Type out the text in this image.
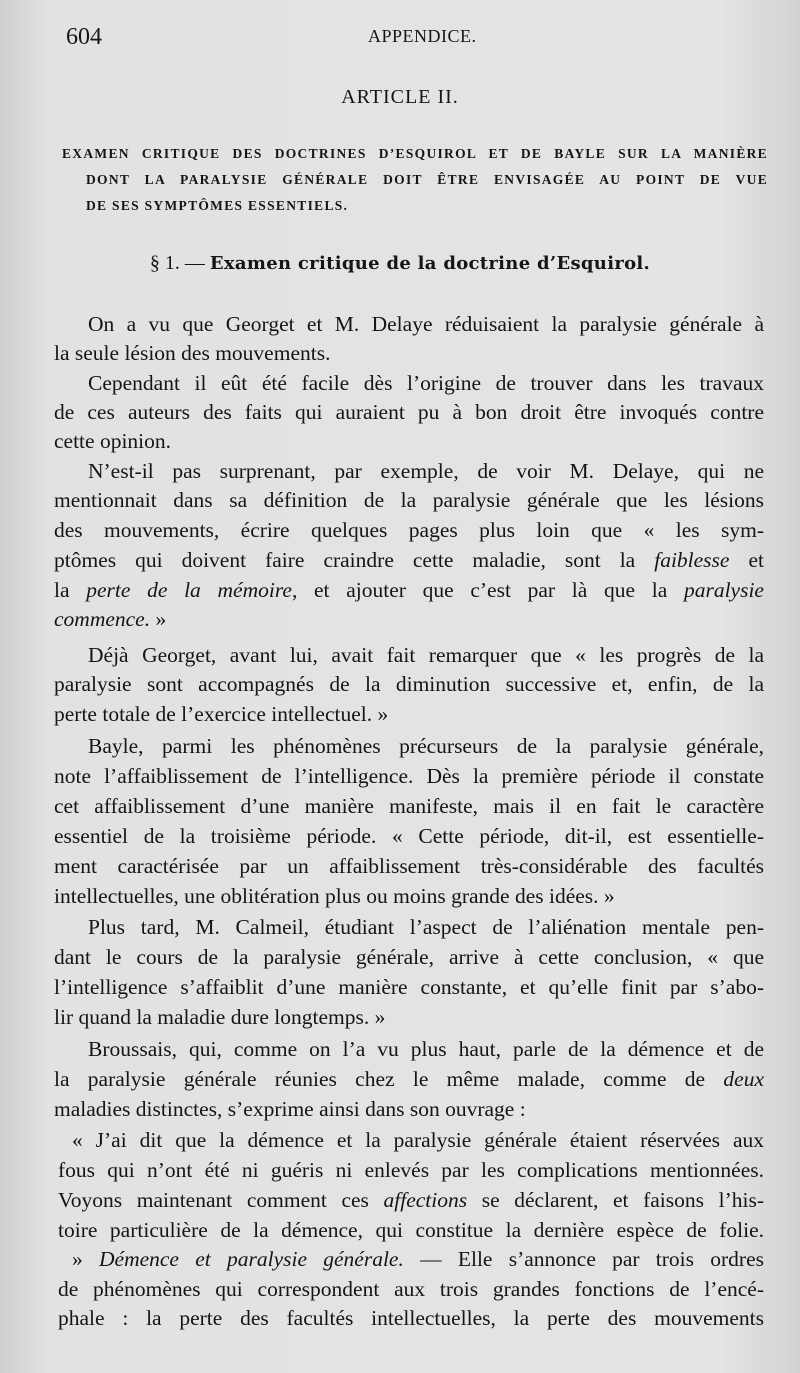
604	APPENDICE.
ARTICLE II.
EXAMEN CRITIQUE DES DOCTRINES D’ESQUIROL ET DE BAYLE SUR LA MANIÈRE
DONT LA PARALYSIE GÉNÉRALE DOIT ÊTRE ENVISAGÉE AU POINT DE VUE
DE SES SYMPTÔMES ESSENTIELS.
§ 1. — Examen critique de la doctrine d’Esquirol.
On a vu que Georget et M. Delaye réduisaient la paralysie générale à
la seule lésion des mouvements.
Cependant il eût été facile dès l’origine de trouver dans les travaux
de ces auteurs des faits qui auraient pu à bon droit être invoqués contre
cette opinion.
N’est-il pas surprenant, par exemple, de voir M. Delaye, qui ne
mentionnait dans sa définition de la paralysie générale que les lésions
des mouvements, écrire quelques pages plus loin que « les sym-
ptômes qui doivent faire craindre cette maladie, sont la faiblesse et
la perte de la mémoire, et ajouter que c’est par là que la paralysie
commence. »
Déjà Georget, avant lui, avait fait remarquer que « les progrès de la
paralysie sont accompagnés de la diminution successive et, enfin, de la
perte totale de l’exercice intellectuel. »
Bayle, parmi les phénomènes précurseurs de la paralysie générale,
note l’affaiblissement de l’intelligence. Dès la première période il constate
cet affaiblissement d’une manière manifeste, mais il en fait le caractère
essentiel de la troisième période. « Cette période, dit-il, est essentielle-
ment caractérisée par un affaiblissement très-considérable des facultés
intellectuelles, une oblitération plus ou moins grande des idées. »
Plus tard, M. Calmeil, étudiant l’aspect de l’aliénation mentale pen-
dant le cours de la paralysie générale, arrive à cette conclusion, « que
l’intelligence s’affaiblit d’une manière constante, et qu’elle finit par s’abo-
lir quand la maladie dure longtemps. »
Broussais, qui, comme on l’a vu plus haut, parle de la démence et de
la paralysie générale réunies chez le même malade, comme de deux
maladies distinctes, s’exprime ainsi dans son ouvrage :
« J’ai dit que la démence et la paralysie générale étaient réservées aux
fous qui n’ont été ni guéris ni enlevés par les complications mentionnées.
Voyons maintenant comment ces affections se déclarent, et faisons l’his-
toire particulière de la démence, qui constitue la dernière espèce de folie.
» Démence et paralysie générale. — Elle s’annonce par trois ordres
de phénomènes qui correspondent aux trois grandes fonctions de l’encé-
phale : la perte des facultés intellectuelles, la perte des mouvements
